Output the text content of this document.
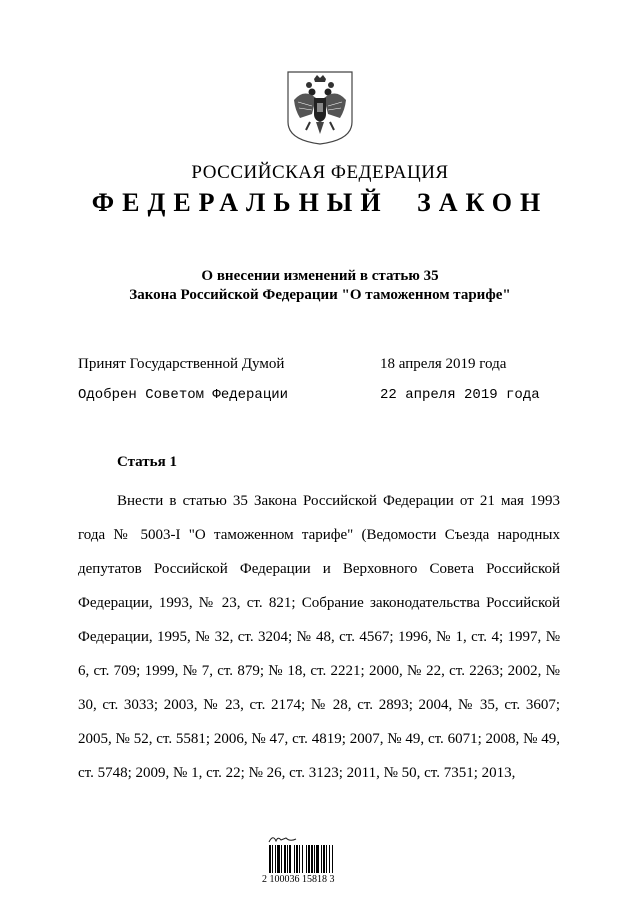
РОССИЙСКАЯ ФЕДЕРАЦИЯ
ФЕДЕРАЛЬНЫЙ ЗАКОН
О внесении изменений в статью 35
Закона Российской Федерации "О таможенном тарифе"
Принят Государственной Думой	18 апреля 2019 года
Одобрен Советом Федерации	22 апреля 2019 года
Статья 1
Внести в статью 35 Закона Российской Федерации от 21 мая 1993 года № 5003-I "О таможенном тарифе" (Ведомости Съезда народных депутатов Российской Федерации и Верховного Совета Российской Федерации, 1993, № 23, ст. 821; Собрание законодательства Российской Федерации, 1995, № 32, ст. 3204; № 48, ст. 4567; 1996, № 1, ст. 4; 1997, № 6, ст. 709; 1999, № 7, ст. 879; № 18, ст. 2221; 2000, № 22, ст. 2263; 2002, № 30, ст. 3033; 2003, № 23, ст. 2174; № 28, ст. 2893; 2004, № 35, ст. 3607; 2005, № 52, ст. 5581; 2006, № 47, ст. 4819; 2007, № 49, ст. 6071; 2008, № 49, ст. 5748; 2009, № 1, ст. 22; № 26, ст. 3123; 2011, № 50, ст. 7351; 2013,
2 100036 15818 3
